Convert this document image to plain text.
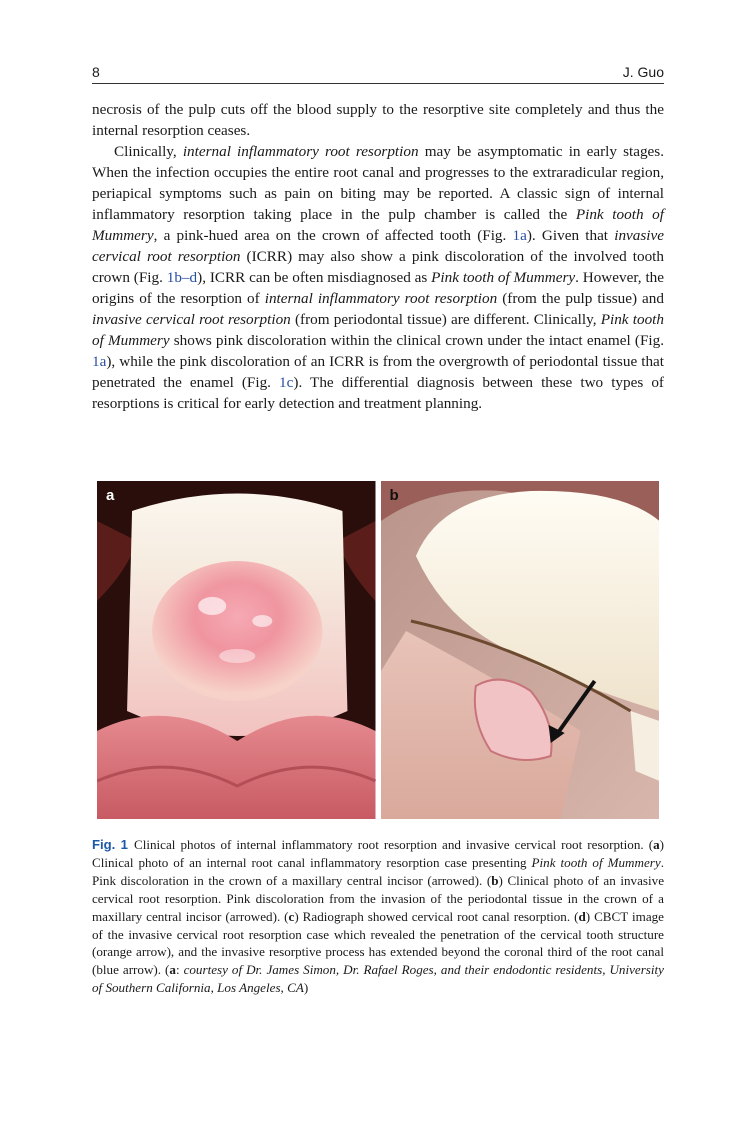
8	J. Guo

necrosis of the pulp cuts off the blood supply to the resorptive site completely and thus the internal resorption ceases.

Clinically, internal inflammatory root resorption may be asymptomatic in early stages. When the infection occupies the entire root canal and progresses to the extraradicular region, periapical symptoms such as pain on biting may be reported. A classic sign of internal inflammatory resorption taking place in the pulp chamber is called the Pink tooth of Mummery, a pink-hued area on the crown of affected tooth (Fig. 1a). Given that invasive cervical root resorption (ICRR) may also show a pink discoloration of the involved tooth crown (Fig. 1b–d), ICRR can be often misdiagnosed as Pink tooth of Mummery. However, the origins of the resorption of internal inflammatory root resorption (from the pulp tissue) and invasive cervical root resorption (from periodontal tissue) are different. Clinically, Pink tooth of Mummery shows pink discoloration within the clinical crown under the intact enamel (Fig. 1a), while the pink discoloration of an ICRR is from the overgrowth of periodontal tissue that penetrated the enamel (Fig. 1c). The differential diagnosis between these two types of resorptions is critical for early detection and treatment planning.

a	b
Fig. 1 Clinical photos of internal inflammatory root resorption and invasive cervical root resorption. (a) Clinical photo of an internal root canal inflammatory resorption case presenting Pink tooth of Mummery. Pink discoloration in the crown of a maxillary central incisor (arrowed). (b) Clinical photo of an invasive cervical root resorption. Pink discoloration from the invasion of the periodontal tissue in the crown of a maxillary central incisor (arrowed). (c) Radiograph showed cervical root canal resorption. (d) CBCT image of the invasive cervical root resorption case which revealed the penetration of the cervical tooth structure (orange arrow), and the invasive resorptive process has extended beyond the coronal third of the root canal (blue arrow). (a: courtesy of Dr. James Simon, Dr. Rafael Roges, and their endodontic residents, University of Southern California, Los Angeles, CA)
